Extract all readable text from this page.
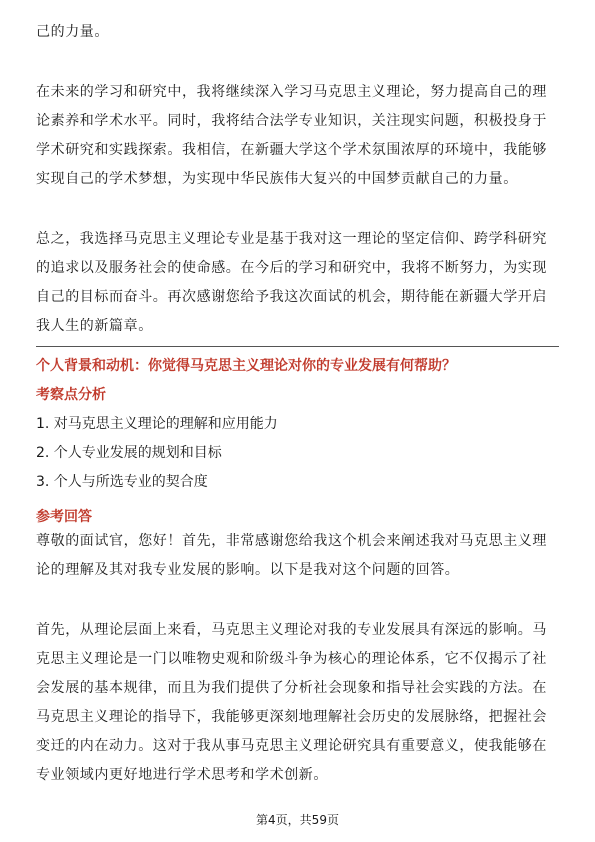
己的力量。

在未来的学习和研究中，我将继续深入学习马克思主义理论，努力提高自己的理论素养和学术水平。同时，我将结合法学专业知识，关注现实问题，积极投身于学术研究和实践探索。我相信，在新疆大学这个学术氛围浓厚的环境中，我能够实现自己的学术梦想，为实现中华民族伟大复兴的中国梦贡献自己的力量。

总之，我选择马克思主义理论专业是基于我对这一理论的坚定信仰、跨学科研究的追求以及服务社会的使命感。在今后的学习和研究中，我将不断努力，为实现自己的目标而奋斗。再次感谢您给予我这次面试的机会，期待能在新疆大学开启我人生的新篇章。

个人背景和动机：你觉得马克思主义理论对你的专业发展有何帮助？
考察点分析
1. 对马克思主义理论的理解和应用能力
2. 个人专业发展的规划和目标
3. 个人与所选专业的契合度
参考回答

尊敬的面试官，您好！首先，非常感谢您给我这个机会来阐述我对马克思主义理论的理解及其对我专业发展的影响。以下是我对这个问题的回答。

首先，从理论层面上来看，马克思主义理论对我的专业发展具有深远的影响。马克思主义理论是一门以唯物史观和阶级斗争为核心的理论体系，它不仅揭示了社会发展的基本规律，而且为我们提供了分析社会现象和指导社会实践的方法。在马克思主义理论的指导下，我能够更深刻地理解社会历史的发展脉络，把握社会变迁的内在动力。这对于我从事马克思主义理论研究具有重要意义，使我能够在专业领域内更好地进行学术思考和学术创新。

第4页，共59页
